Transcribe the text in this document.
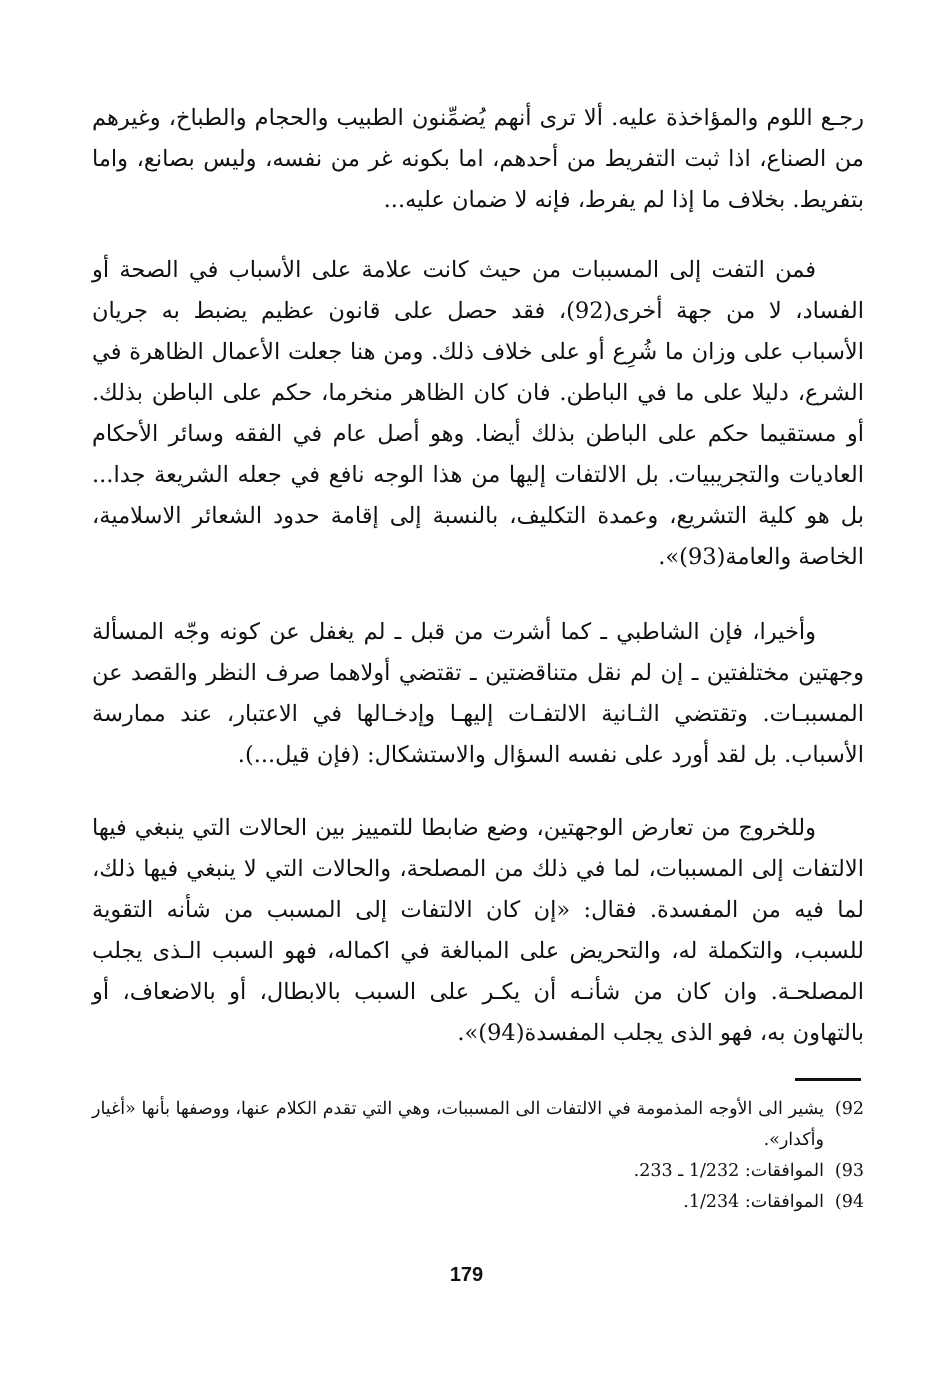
رجـع اللوم والمؤاخذة عليه. ألا ترى أنهم يُضمِّنون الطبيب والحجام والطباخ، وغيرهم من الصناع، اذا ثبت التفريط من أحدهم، اما بكونه غر من نفسه، وليس بصانع، واما بتفريط. بخلاف ما إذا لم يفرط، فإنه لا ضمان عليه...

فمن التفت إلى المسببات من حيث كانت علامة على الأسباب في الصحة أو الفساد، لا من جهة أخرى(92)، فقد حصل على قانون عظيم يضبط به جريان الأسباب على وزان ما شُرِع أو على خلاف ذلك. ومن هنا جعلت الأعمال الظاهرة في الشرع، دليلا على ما في الباطن. فان كان الظاهر منخرما، حكم على الباطن بذلك. أو مستقيما حكم على الباطن بذلك أيضا. وهو أصل عام في الفقه وسائر الأحكام العاديات والتجريبيات. بل الالتفات إليها من هذا الوجه نافع في جعله الشريعة جدا... بل هو كلية التشريع، وعمدة التكليف، بالنسبة إلى إقامة حدود الشعائر الاسلامية، الخاصة والعامة(93)».

وأخيرا، فإن الشاطبي ـ كما أشرت من قبل ـ لم يغفل عن كونه وجّه المسألة وجهتين مختلفتين ـ إن لم نقل متناقضتين ـ تقتضي أولاهما صرف النظر والقصد عن المسببـات. وتقتضي الثـانية الالتفـات إليهـا وإدخـالها في الاعتبار، عند ممارسة الأسباب. بل لقد أورد على نفسه السؤال والاستشكال: (فإن قيل...).

وللخروج من تعارض الوجهتين، وضع ضابطا للتمييز بين الحالات التي ينبغي فيها الالتفات إلى المسببات، لما في ذلك من المصلحة، والحالات التي لا ينبغي فيها ذلك، لما فيه من المفسدة. فقال: «إن كان الالتفات إلى المسبب من شأنه التقوية للسبب، والتكملة له، والتحريض على المبالغة في اكماله، فهو السبب الـذى يجلب المصلحـة. وان كان من شأنـه أن يكـر على السبب بالابطال، أو بالاضعاف، أو بالتهاون به، فهو الذى يجلب المفسدة(94)».

92)
يشير الى الأوجه المذمومة في الالتفات الى المسببات، وهي التي تقدم الكلام عنها، ووصفها بأنها «أغيار وأكدار».
93)
الموافقات: 1/232 ـ 233.
94)
الموافقات: 1/234.
179
